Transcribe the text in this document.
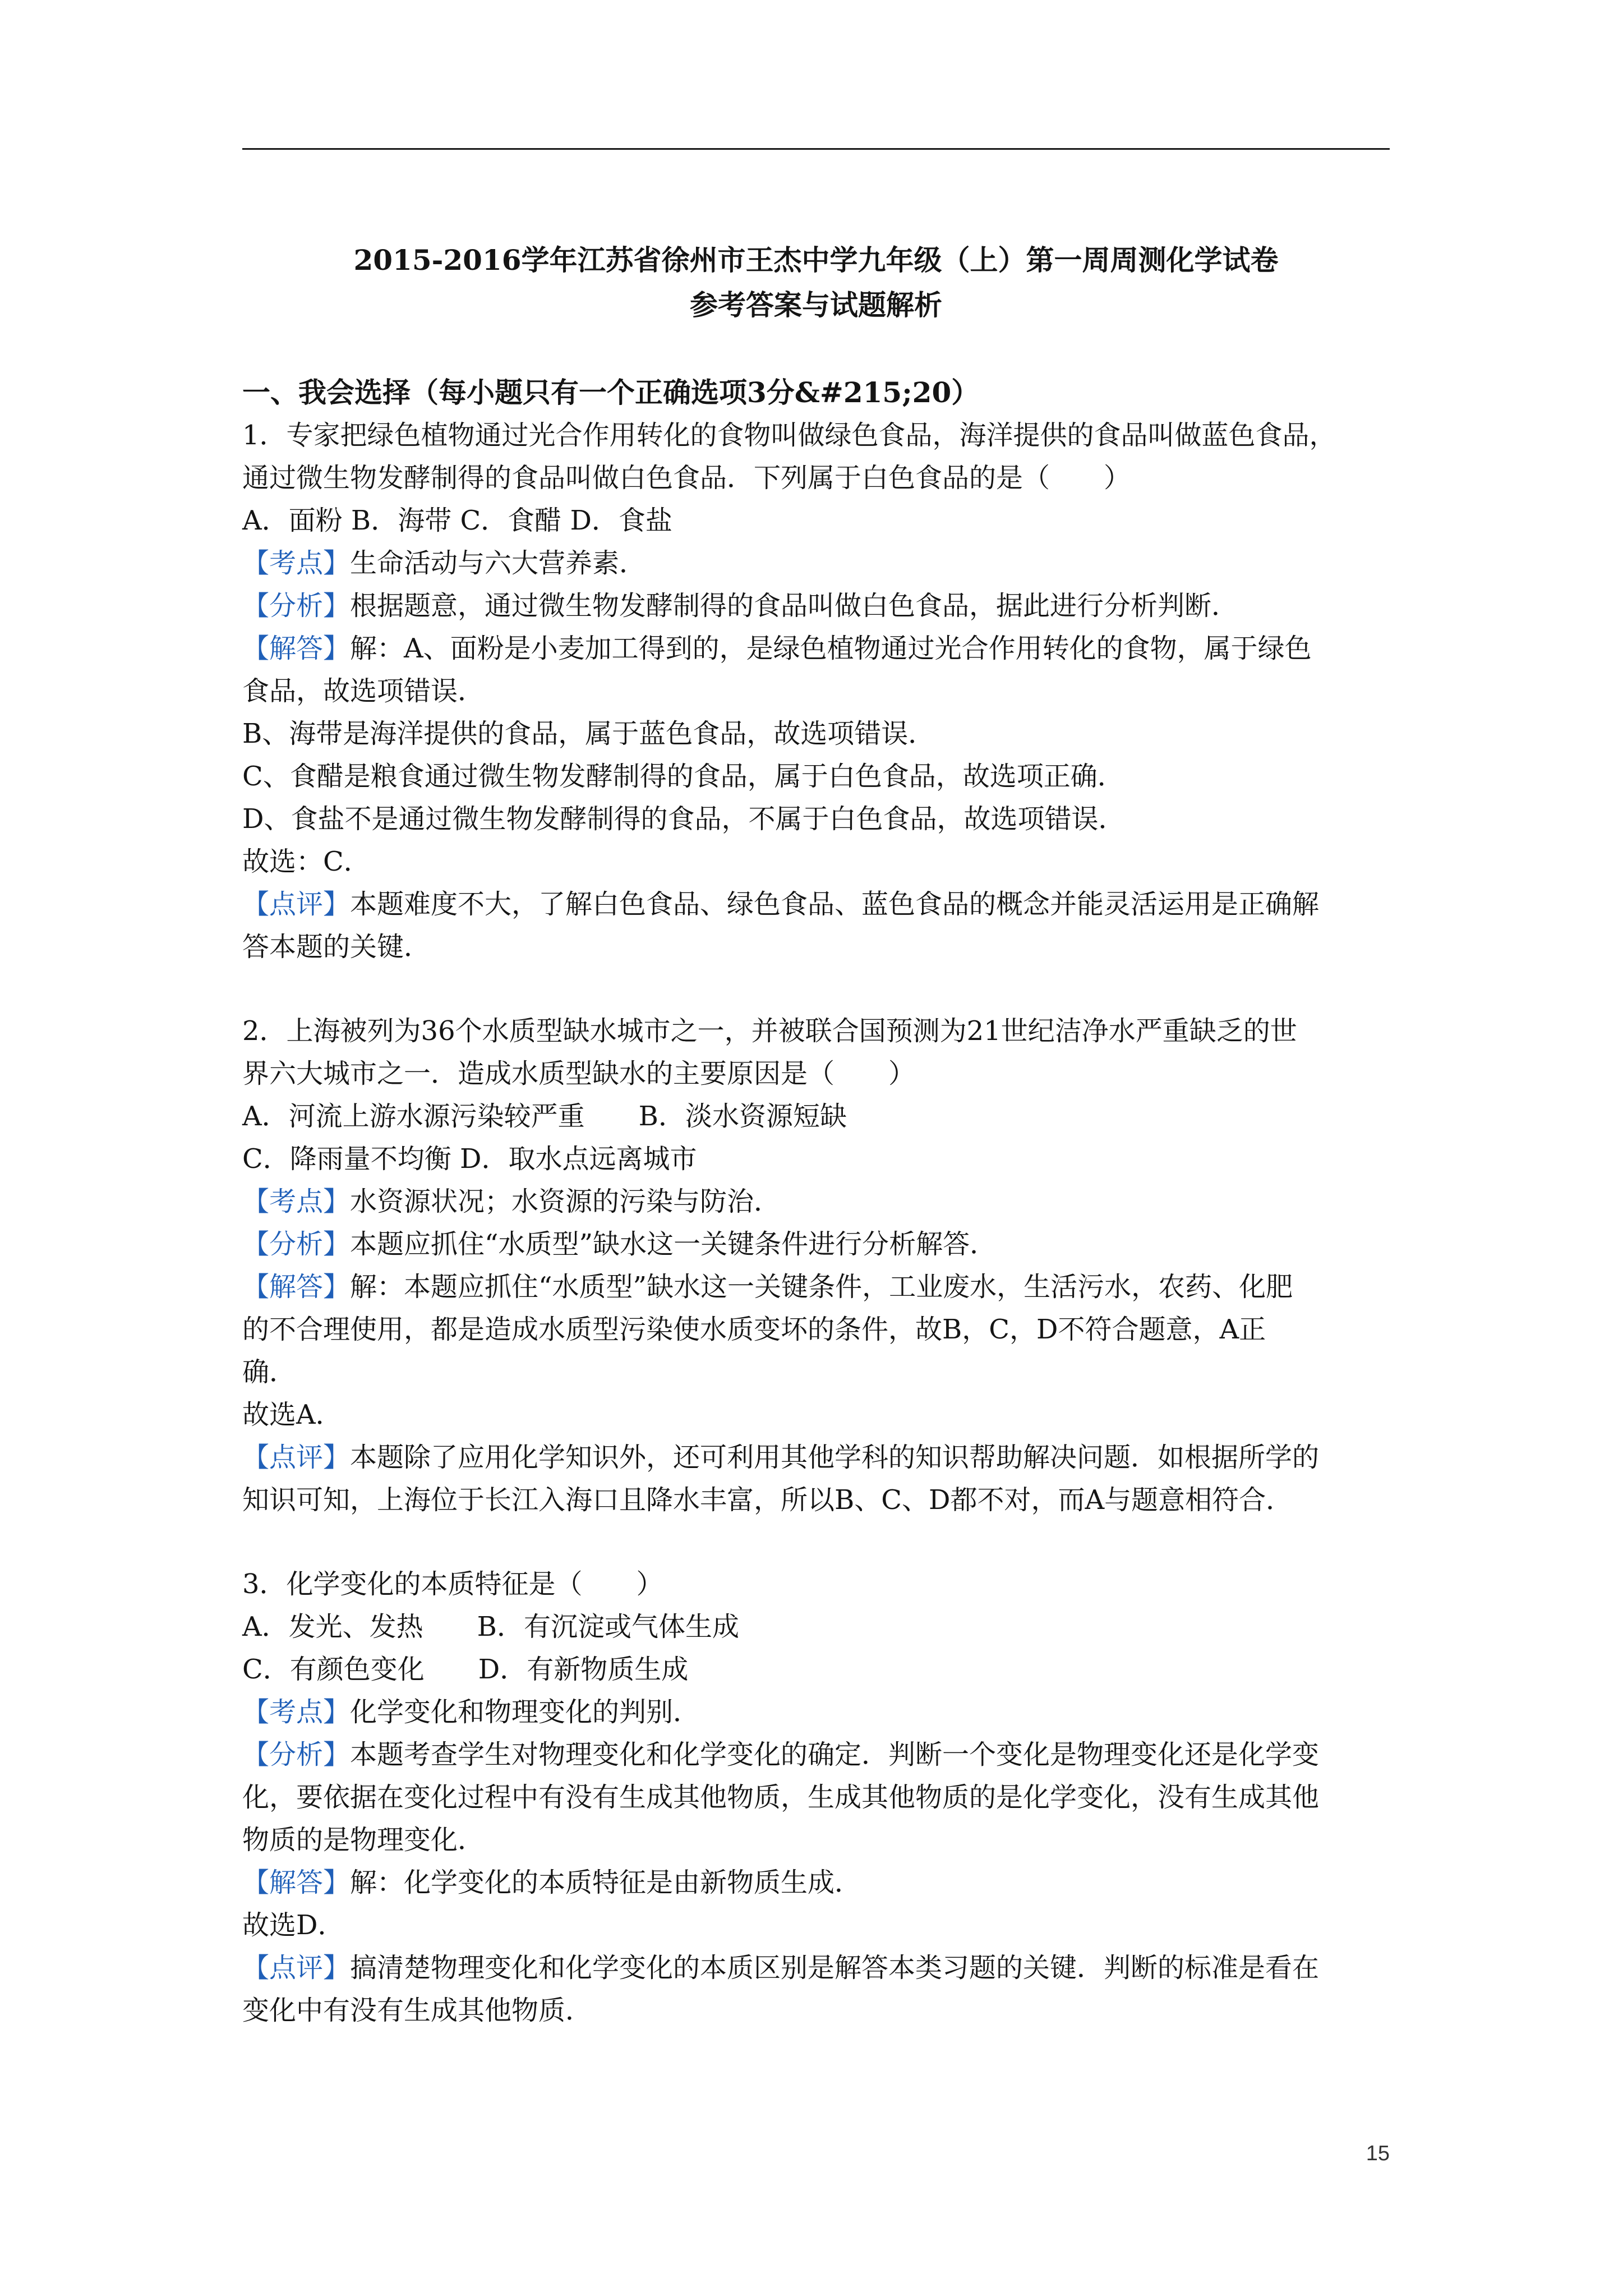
2015-2016学年江苏省徐州市王杰中学九年级（上）第一周周测化学试卷
参考答案与试题解析

一、我会选择（每小题只有一个正确选项3分&#215;20）

1．专家把绿色植物通过光合作用转化的食物叫做绿色食品，海洋提供的食品叫做蓝色食品，

通过微生物发酵制得的食品叫做白色食品．下列属于白色食品的是（　　）

A．面粉 B．海带 C．食醋 D．食盐

【考点】生命活动与六大营养素．

【分析】根据题意，通过微生物发酵制得的食品叫做白色食品，据此进行分析判断．

【解答】解：A、面粉是小麦加工得到的，是绿色植物通过光合作用转化的食物，属于绿色

食品，故选项错误．

B、海带是海洋提供的食品，属于蓝色食品，故选项错误．

C、食醋是粮食通过微生物发酵制得的食品，属于白色食品，故选项正确．

D、食盐不是通过微生物发酵制得的食品，不属于白色食品，故选项错误．

故选：C．

【点评】本题难度不大，了解白色食品、绿色食品、蓝色食品的概念并能灵活运用是正确解

答本题的关键．

2．上海被列为36个水质型缺水城市之一，并被联合国预测为21世纪洁净水严重缺乏的世

界六大城市之一．造成水质型缺水的主要原因是（　　）

A．河流上游水源污染较严重　　B．淡水资源短缺

C．降雨量不均衡 D．取水点远离城市

【考点】水资源状况；水资源的污染与防治．

【分析】本题应抓住“水质型”缺水这一关键条件进行分析解答．

【解答】解：本题应抓住“水质型”缺水这一关键条件，工业废水，生活污水，农药、化肥

的不合理使用，都是造成水质型污染使水质变坏的条件，故B，C，D不符合题意，A正

确．

故选A．

【点评】本题除了应用化学知识外，还可利用其他学科的知识帮助解决问题．如根据所学的

知识可知，上海位于长江入海口且降水丰富，所以B、C、D都不对，而A与题意相符合．

3．化学变化的本质特征是（　　）

A．发光、发热　　B．有沉淀或气体生成

C．有颜色变化　　D．有新物质生成

【考点】化学变化和物理变化的判别．

【分析】本题考查学生对物理变化和化学变化的确定．判断一个变化是物理变化还是化学变

化，要依据在变化过程中有没有生成其他物质，生成其他物质的是化学变化，没有生成其他

物质的是物理变化．

【解答】解：化学变化的本质特征是由新物质生成．

故选D．

【点评】搞清楚物理变化和化学变化的本质区别是解答本类习题的关键．判断的标准是看在

变化中有没有生成其他物质．

15
